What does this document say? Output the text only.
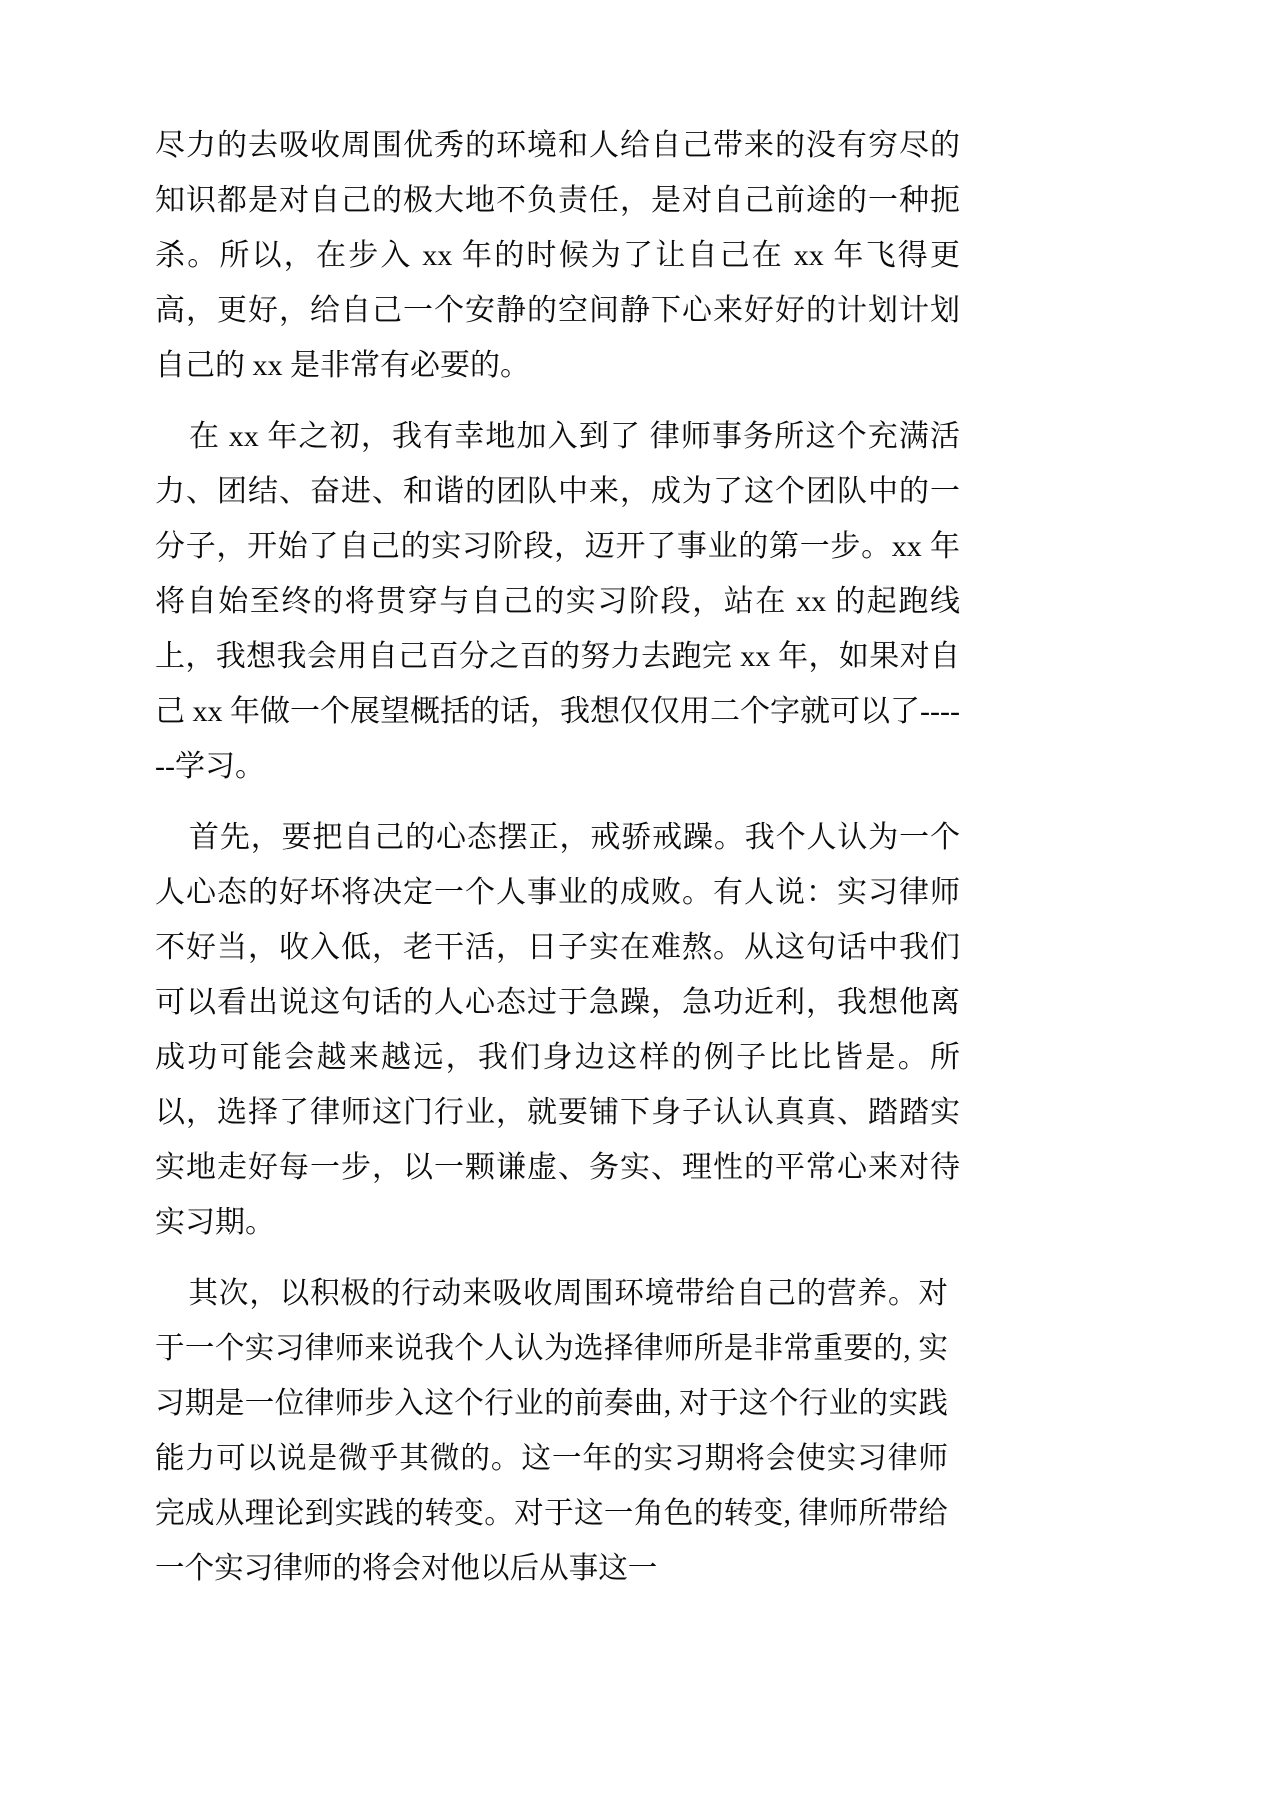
尽力的去吸收周围优秀的环境和人给自己带来的没有穷尽的知识都是对自己的极大地不负责任，是对自己前途的一种扼杀。所以，在步入 xx 年的时候为了让自己在 xx 年飞得更高，更好，给自己一个安静的空间静下心来好好的计划计划自己的 xx 是非常有必要的。

在 xx 年之初，我有幸地加入到了 律师事务所这个充满活力、团结、奋进、和谐的团队中来，成为了这个团队中的一分子，开始了自己的实习阶段，迈开了事业的第一步。xx 年将自始至终的将贯穿与自己的实习阶段，站在 xx 的起跑线上，我想我会用自己百分之百的努力去跑完 xx 年，如果对自己 xx 年做一个展望概括的话，我想仅仅用二个字就可以了------学习。

首先，要把自己的心态摆正，戒骄戒躁。我个人认为一个人心态的好坏将决定一个人事业的成败。有人说：实习律师不好当，收入低，老干活，日子实在难熬。从这句话中我们可以看出说这句话的人心态过于急躁，急功近利，我想他离成功可能会越来越远，我们身边这样的例子比比皆是。所以，选择了律师这门行业，就要铺下身子认认真真、踏踏实实地走好每一步，以一颗谦虚、务实、理性的平常心来对待实习期。

其次，以积极的行动来吸收周围环境带给自己的营养。对于一个实习律师来说我个人认为选择律师所是非常重要的, 实习期是一位律师步入这个行业的前奏曲, 对于这个行业的实践能力可以说是微乎其微的。这一年的实习期将会使实习律师完成从理论到实践的转变。对于这一角色的转变, 律师所带给一个实习律师的将会对他以后从事这一
